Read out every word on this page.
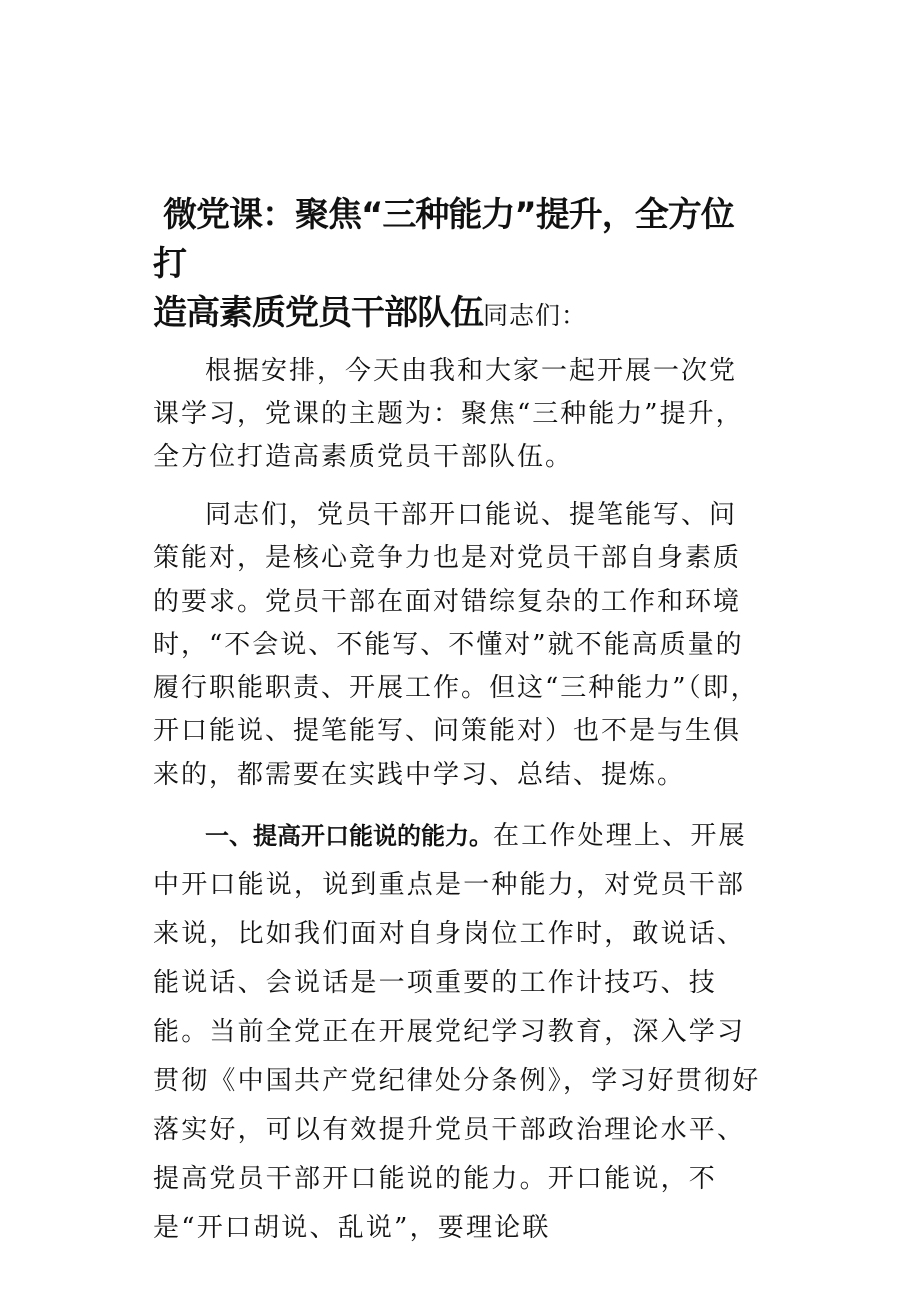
微党课：聚焦“三种能力”提升，全方位打
造高素质党员干部队伍同志们：

根据安排，今天由我和大家一起开展一次党课学习，党课的主题为：聚焦“三种能力”提升，全方位打造高素质党员干部队伍。

同志们，党员干部开口能说、提笔能写、问策能对，是核心竞争力也是对党员干部自身素质的要求。党员干部在面对错综复杂的工作和环境时，“不会说、不能写、不懂对”就不能高质量的履行职能职责、开展工作。但这“三种能力”（即，开口能说、提笔能写、问策能对）也不是与生俱来的，都需要在实践中学习、总结、提炼。

一、提高开口能说的能力。在工作处理上、开展中开口能说，说到重点是一种能力，对党员干部来说，比如我们面对自身岗位工作时，敢说话、能说话、会说话是一项重要的工作计技巧、技能。当前全党正在开展党纪学习教育，深入学习贯彻《中国共产党纪律处分条例》，学习好贯彻好落实好，可以有效提升党员干部政治理论水平、提高党员干部开口能说的能力。开口能说，不是“开口胡说、乱说”，要理论联
